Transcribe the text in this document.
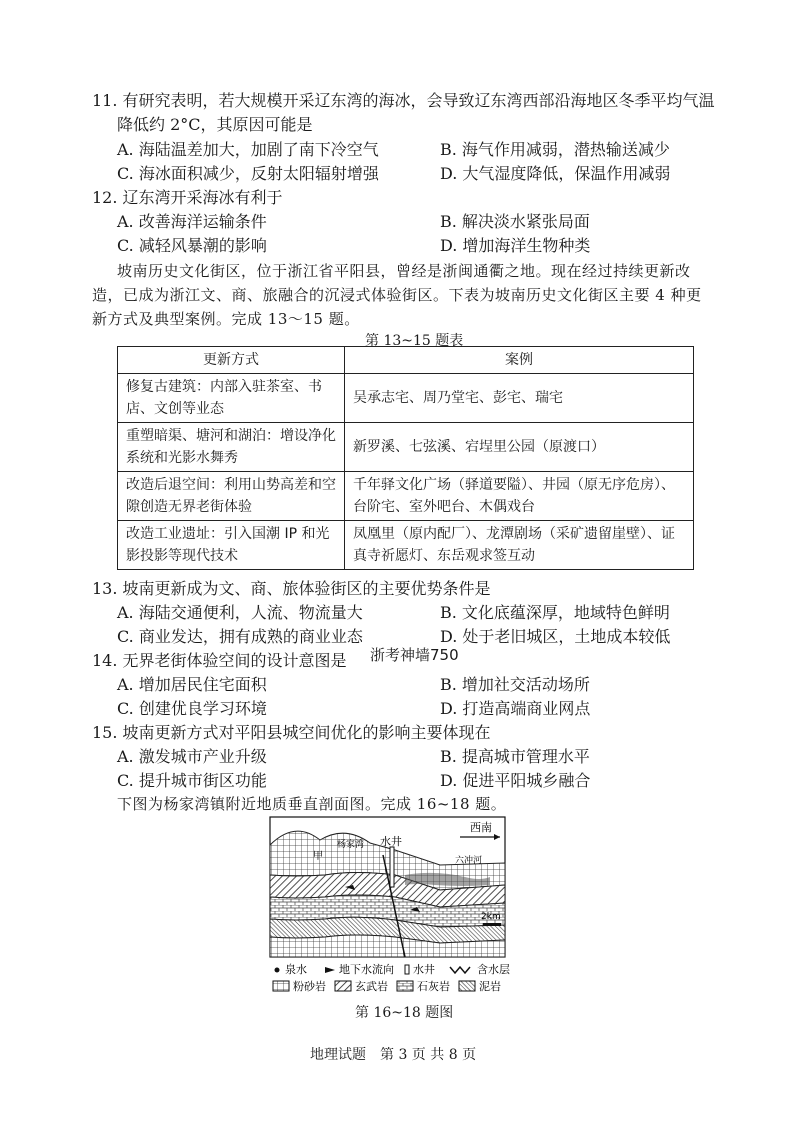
11. 有研究表明，若大规模开采辽东湾的海冰，会导致辽东湾西部沿海地区冬季平均气温
降低约 2°C，其原因可能是
A. 海陆温差加大，加剧了南下冷空气	B. 海气作用减弱，潜热输送减少
C. 海冰面积减少，反射太阳辐射增强	D. 大气湿度降低，保温作用减弱
12. 辽东湾开采海冰有利于
A. 改善海洋运输条件	B. 解决淡水紧张局面
C. 减轻风暴潮的影响	D. 增加海洋生物种类
坡南历史文化街区，位于浙江省平阳县，曾经是浙闽通衢之地。现在经过持续更新改
造，已成为浙江文、商、旅融合的沉浸式体验街区。下表为坡南历史文化街区主要 4 种更
新方式及典型案例。完成 13～15 题。
第 13~15 题表
更新方式	案例
修复古建筑：内部入驻茶室、书店、文创等业态	吴承志宅、周乃堂宅、彭宅、瑞宅
重塑暗渠、塘河和湖泊：增设净化系统和光影水舞秀	新罗溪、七弦溪、宕埕里公园（原渡口）
改造后退空间：利用山势高差和空隙创造无界老街体验	千年驿文化广场（驿道要隘）、井园（原无序危房）、台阶宅、室外吧台、木偶戏台
改造工业遗址：引入国潮 IP 和光影投影等现代技术	凤凰里（原内配厂）、龙潭剧场（采矿遗留崖壁）、证真寺祈愿灯、东岳观求签互动
13. 坡南更新成为文、商、旅体验街区的主要优势条件是
A. 海陆交通便利，人流、物流量大	B. 文化底蕴深厚，地域特色鲜明
C. 商业发达，拥有成熟的商业业态	D. 处于老旧城区，土地成本较低
14. 无界老街体验空间的设计意图是 浙考神墙750
A. 增加居民住宅面积	B. 增加社交活动场所
C. 创建优良学习环境	D. 打造高端商业网点
15. 坡南更新方式对平阳县城空间优化的影响主要体现在
A. 激发城市产业升级	B. 提高城市管理水平
C. 提升城市街区功能	D. 促进平阳城乡融合
下图为杨家湾镇附近地质垂直剖面图。完成 16~18 题。
杨家湾 水井
西南
甲	六冲河
2km
泉水	地下水流向 水井	含水层
粉砂岩	玄武岩	石灰岩	泥岩
第 16~18 题图
地理试题　第 3 页 共 8 页
